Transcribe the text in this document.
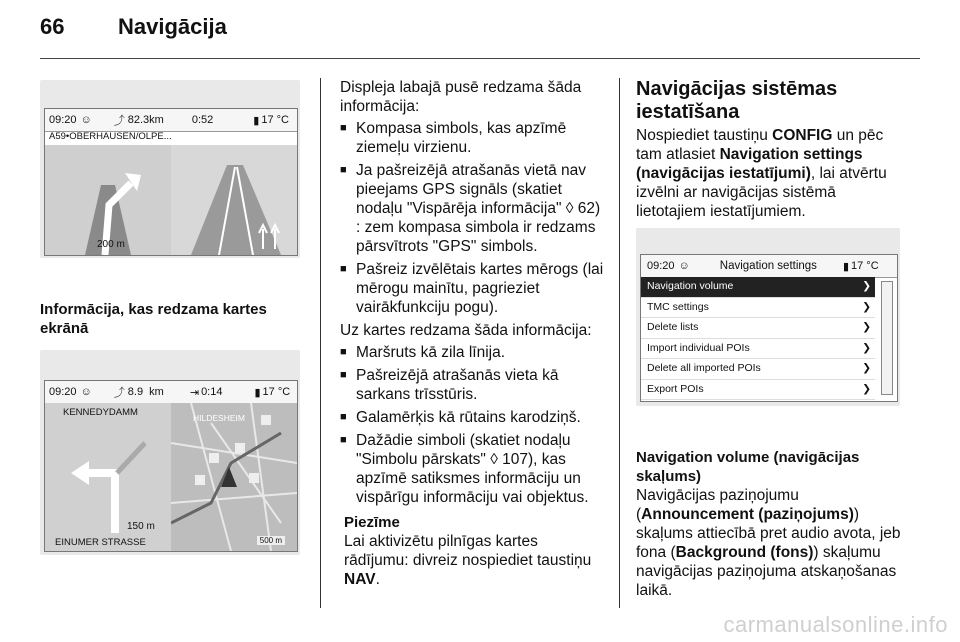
66 Navigācija
09:20 ☺ ⤴ 82.3km	0:52	▮ 17 °C
A59•OBERHAUSEN/OLPE...
200 m

Informācija, kas redzama kartes ekrānā

09:20 ☺ ⤴ 8.9  km ⇥ 0:14	▮ 17 °C
KENNEDYDAMM
150 m
EINUMER STRASSE
HILDESHEIM
500 m

Displeja labajā pusē redzama šāda informācija:

■ Kompasa simbols, kas apzīmē ziemeļu virzienu.
■ Ja pašreizējā atrašanās vietā nav pieejams GPS signāls (skatiet nodaļu "Vispārēja informācija" ◊ 62) : zem kompasa simbola ir redzams pārsvītrots "GPS" simbols.
■ Pašreiz izvēlētais kartes mērogs (lai mērogu mainītu, pagrieziet vairākfunkciju pogu).

Uz kartes redzama šāda informācija:

■ Maršruts kā zila līnija.
■ Pašreizējā atrašanās vieta kā sarkans trīsstūris.
■ Galamērķis kā rūtains karodziņš.
■ Dažādie simboli (skatiet nodaļu "Simbolu pārskats" ◊ 107), kas apzīmē satiksmes informāciju un vispārīgu informāciju vai objektus.

Piezīme

Lai aktivizētu pilnīgas kartes rādījumu: divreiz nospiediet taustiņu NAV.

Navigācijas sistēmas iestatīšana

Nospiediet taustiņu CONFIG un pēc tam atlasiet Navigation settings (navigācijas iestatījumi), lai atvērtu izvēlni ar navigācijas sistēmā lietotajiem iestatījumiem.

09:20 ☺	Navigation settings ▮ 17 °C
Navigation volume	❯
TMC settings	❯
Delete lists	❯
Import individual POIs	❯
Delete all imported POIs	❯
Export POIs	❯

Navigation volume (navigācijas skaļums)

Navigācijas paziņojumu (Announcement (paziņojums)) skaļums attiecībā pret audio avota, jeb fona (Background (fons)) skaļumu navigācijas paziņojuma atskaņošanas laikā.

carmanualsonline.info
